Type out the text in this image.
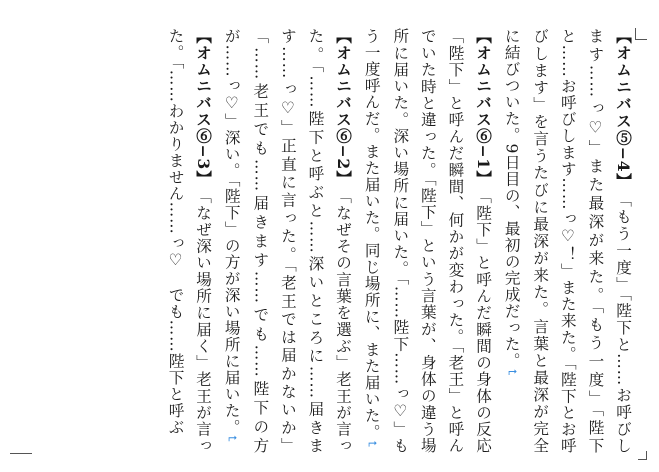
【オムニバス⑤−4】　「もう一度」「陛下と……お呼びします……っ♡」また最深が来た。「もう一度」「陛下と……お呼びします……っ♡！」また来た。「陛下とお呼びします」を言うたびに最深が来た。言葉と最深が完全に結びついた。9日目の、最初の完成だった。⮤

【オムニバス⑥−1】　「陛下」と呼んだ瞬間の身体の反応「陛下」と呼んだ瞬間、何かが変わった。「老王」と呼んでいた時と違った。「陛下」という言葉が、身体の違う場所に届いた。深い場所に届いた。「……陛下……っ♡」もう一度呼んだ。また届いた。同じ場所に、また届いた。⮤

【オムニバス⑥−2】　「なぜその言葉を選ぶ」老王が言った。「……陛下と呼ぶと……深いところに……届きます……っ♡」正直に言った。「老王では届かないか」「……老王でも……届きます……でも……陛下の方が……っ♡」深い。「陛下」の方が深い場所に届いた。⮤

【オムニバス⑥−3】　「なぜ深い場所に届く」老王が言った。「……わかりません……っ♡　でも……陛下と呼ぶ
